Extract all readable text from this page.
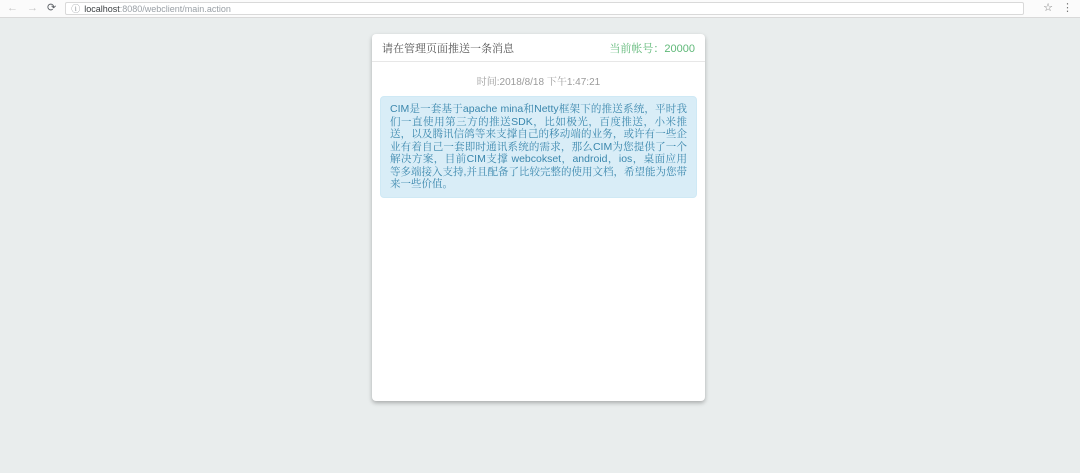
← → ⟳ ⓘ localhost:8080/webclient/main.action	☆ ⋮
请在管理页面推送一条消息	当前帐号：20000
时间:2018/8/18 下午1:47:21
CIM是一套基于apache mina和Netty框架下的推送系统，平时我们一直使用第三方的推送SDK，比如极光，百度推送，小米推送，以及腾讯信鸽等来支撑自己的移动端的业务，或许有一些企业有着自己一套即时通讯系统的需求，那么CIM为您提供了一个解决方案，目前CIM支撑 webcokset，android，ios，桌面应用等多端接入支持,并且配备了比较完整的使用文档，希望能为您带来一些价值。
